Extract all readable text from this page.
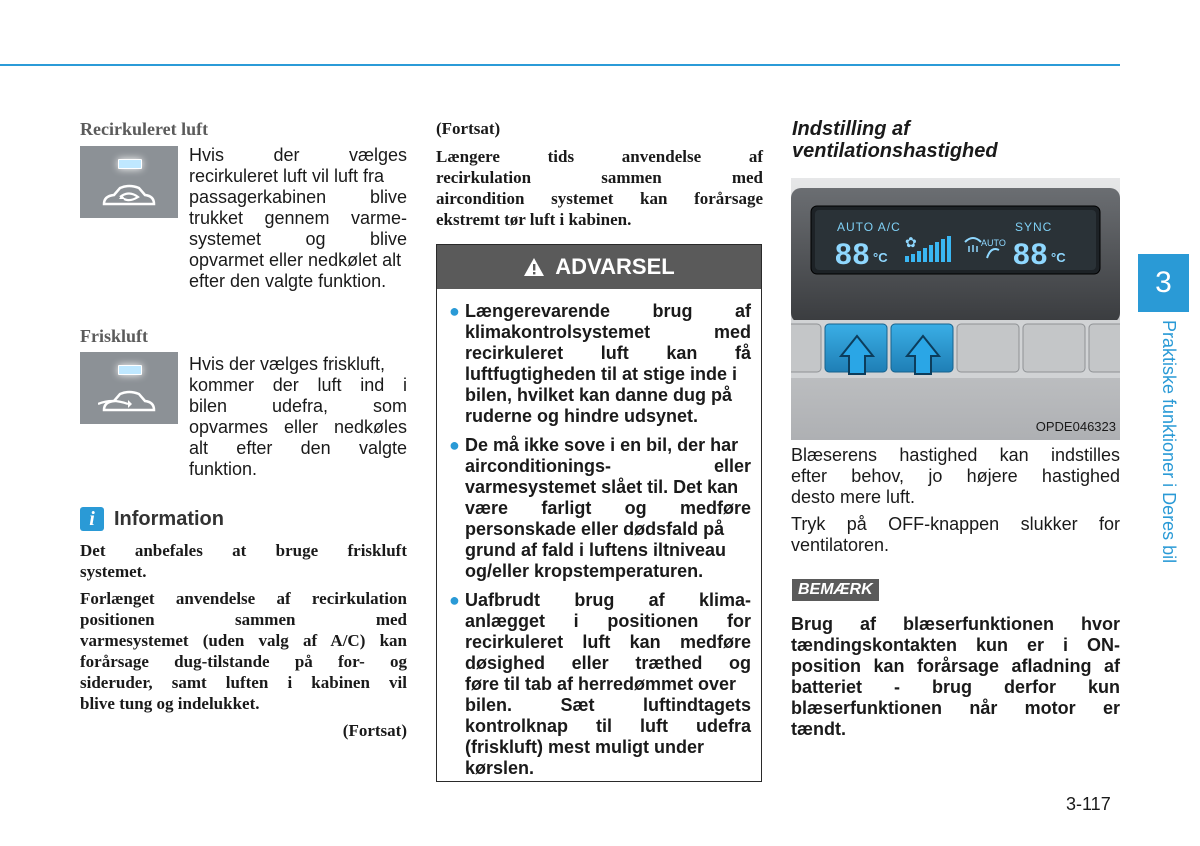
Recirkuleret luft
Hvis der vælges
recirkuleret luft vil luft fra
passagerkabinen blive
trukket gennem varme-
systemet og blive
opvarmet eller nedkølet alt
efter den valgte funktion.
Friskluft
Hvis der vælges friskluft,
kommer der luft ind i
bilen udefra, som
opvarmes eller nedkøles
alt efter den valgte
funktion.
i Information
Det anbefales at bruge friskluft
systemet.
Forlænget anvendelse af recirkulation
positionen sammen med
varmesystemet (uden valg af A/C) kan
forårsage dug-tilstande på for- og
sideruder, samt luften i kabinen vil
blive tung og indelukket.
(Fortsat)
(Fortsat)
Længere tids anvendelse af
recirkulation sammen med
aircondition systemet kan forårsage
ekstremt tør luft i kabinen.
ADVARSEL
● Længerevarende brug af
klimakontrolsystemet med
recirkuleret luft kan få
luftfugtigheden til at stige inde i
bilen, hvilket kan danne dug på
ruderne og hindre udsynet.
● De må ikke sove i en bil, der har
airconditionings- eller
varmesystemet slået til. Det kan
være farligt og medføre
personskade eller dødsfald på
grund af fald i luftens iltniveau
og/eller kropstemperaturen.
● Uafbrudt brug af klima-
anlægget i positionen for
recirkuleret luft kan medføre
døsighed eller træthed og
føre til tab af herredømmet over
bilen. Sæt luftindtagets
kontrolknap til luft udefra
(friskluft) mest muligt under
kørslen.
Indstilling af
ventilationshastighed
AUTO A/C	SYNC
88 °C	88 °C
✿	AUTO
OPDE046323
Blæserens hastighed kan indstilles
efter behov, jo højere hastighed
desto mere luft.
Tryk på OFF-knappen slukker for
ventilatoren.
BEMÆRK
Brug af blæserfunktionen hvor
tændingskontakten kun er i ON-
position kan forårsage afladning af
batteriet - brug derfor kun
blæserfunktionen når motor er
tændt.
3
Praktiske funktioner i Deres bil
3-117
